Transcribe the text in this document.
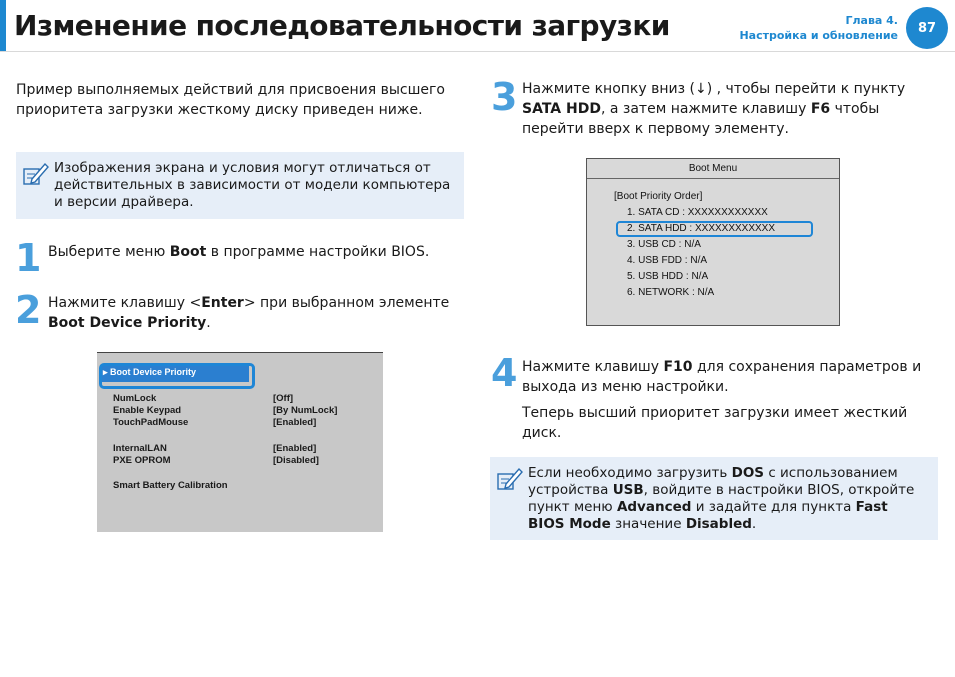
Изменение последовательности загрузки	Глава 4.
Настройка и обновление	87
Пример выполняемых действий для присвоения высшего приоритета загрузки жесткому диску приведен ниже.
Изображения экрана и условия могут отличаться от действительных в зависимости от модели компьютера и версии драйвера.
1 Выберите меню Boot в программе настройки BIOS.
2 Нажмите клавишу <Enter> при выбранном элементе Boot Device Priority.
▸ Boot Device Priority
NumLock	[Off]
Enable Keypad	[By NumLock]
TouchPadMouse	[Enabled]
InternalLAN	[Enabled]
PXE OPROM	[Disabled]
Smart Battery Calibration
3 Нажмите кнопку вниз (↓) , чтобы перейти к пункту SATA HDD, а затем нажмите клавишу F6 чтобы перейти вверх к первому элементу.
Boot Menu
[Boot Priority Order]
1. SATA CD : XXXXXXXXXXXX
2. SATA HDD : XXXXXXXXXXXX
3. USB CD : N/A
4. USB FDD : N/A
5. USB HDD : N/A
6. NETWORK : N/A
4 Нажмите клавишу F10 для сохранения параметров и выхода из меню настройки.
Теперь высший приоритет загрузки имеет жесткий диск.
Если необходимо загрузить DOS с использованием устройства USB, войдите в настройки BIOS, откройте пункт меню Advanced и задайте для пункта Fast BIOS Mode значение Disabled.
